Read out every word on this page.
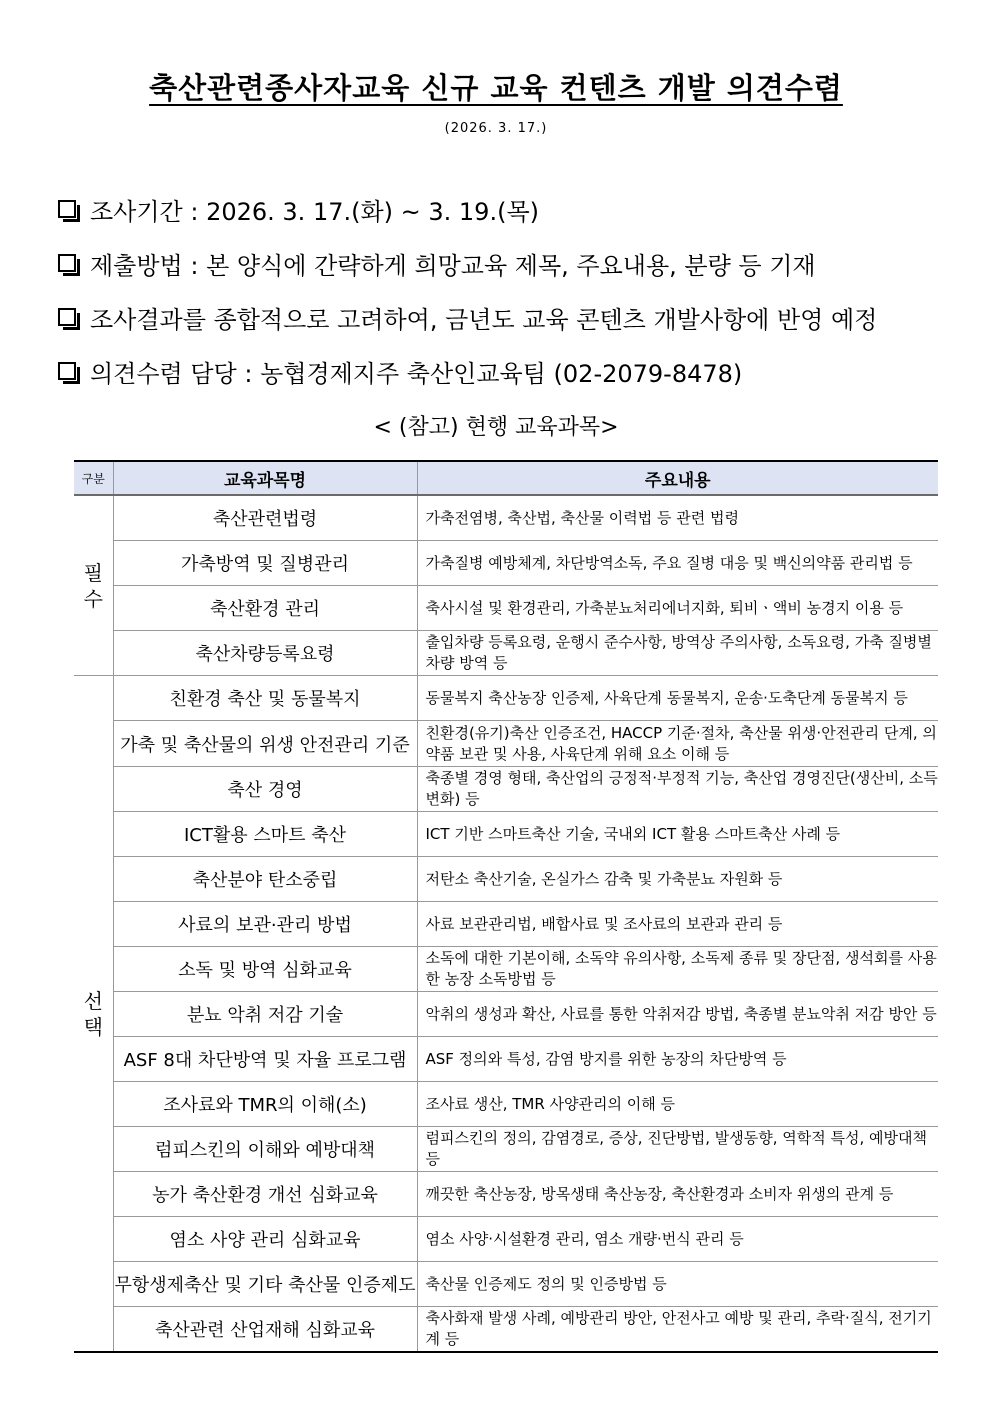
축산관련종사자교육 신규 교육 컨텐츠 개발 의견수렴
(2026. 3. 17.)
조사기간 : 2026. 3. 17.(화) ~ 3. 19.(목)
제출방법 : 본 양식에 간략하게 희망교육 제목, 주요내용, 분량 등 기재
조사결과를 종합적으로 고려하여, 금년도 교육 콘텐츠 개발사항에 반영 예정
의견수렴 담당 : 농협경제지주 축산인교육팀 (02-2079-8478)
< (참고) 현행 교육과목>
구분	교육과목명	주요내용
필수	축산관련법령	가축전염병, 축산법, 축산물 이력법 등 관련 법령
	가축방역 및 질병관리	가축질병 예방체계, 차단방역소독, 주요 질병 대응 및 백신의약품 관리법 등
	축산환경 관리	축사시설 및 환경관리, 가축분뇨처리에너지화, 퇴비ㆍ액비 농경지 이용 등
	축산차량등록요령	출입차량 등록요령, 운행시 준수사항, 방역상 주의사항, 소독요령, 가축 질병별 차량 방역 등
선택	친환경 축산 및 동물복지	동물복지 축산농장 인증제, 사육단계 동물복지, 운송·도축단계 동물복지 등
	가축 및 축산물의 위생 안전관리 기준	친환경(유기)축산 인증조건, HACCP 기준·절차, 축산물 위생·안전관리 단계, 의약품 보관 및 사용, 사육단계 위해 요소 이해 등
	축산 경영	축종별 경영 형태, 축산업의 긍정적·부정적 기능, 축산업 경영진단(생산비, 소득변화) 등
	ICT활용 스마트 축산	ICT 기반 스마트축산 기술, 국내외 ICT 활용 스마트축산 사례 등
	축산분야 탄소중립	저탄소 축산기술, 온실가스 감축 및 가축분뇨 자원화 등
	사료의 보관·관리 방법	사료 보관관리법, 배합사료 및 조사료의 보관과 관리 등
	소독 및 방역 심화교육	소독에 대한 기본이해, 소독약 유의사항, 소독제 종류 및 장단점, 생석회를 사용한 농장 소독방법 등
	분뇨 악취 저감 기술	악취의 생성과 확산, 사료를 통한 악취저감 방법, 축종별 분뇨악취 저감 방안 등
	ASF 8대 차단방역 및 자율 프로그램	ASF 정의와 특성, 감염 방지를 위한 농장의 차단방역 등
	조사료와 TMR의 이해(소)	조사료 생산, TMR 사양관리의 이해 등
	럼피스킨의 이해와 예방대책	럼피스킨의 정의, 감염경로, 증상, 진단방법, 발생동향, 역학적 특성, 예방대책 등
	농가 축산환경 개선 심화교육	깨끗한 축산농장, 방목생태 축산농장, 축산환경과 소비자 위생의 관계 등
	염소 사양 관리 심화교육	염소 사양·시설환경 관리, 염소 개량·번식 관리 등
	무항생제축산 및 기타 축산물 인증제도	축산물 인증제도 정의 및 인증방법 등
	축산관련 산업재해 심화교육	축사화재 발생 사례, 예방관리 방안, 안전사고 예방 및 관리, 추락·질식, 전기기계 등
